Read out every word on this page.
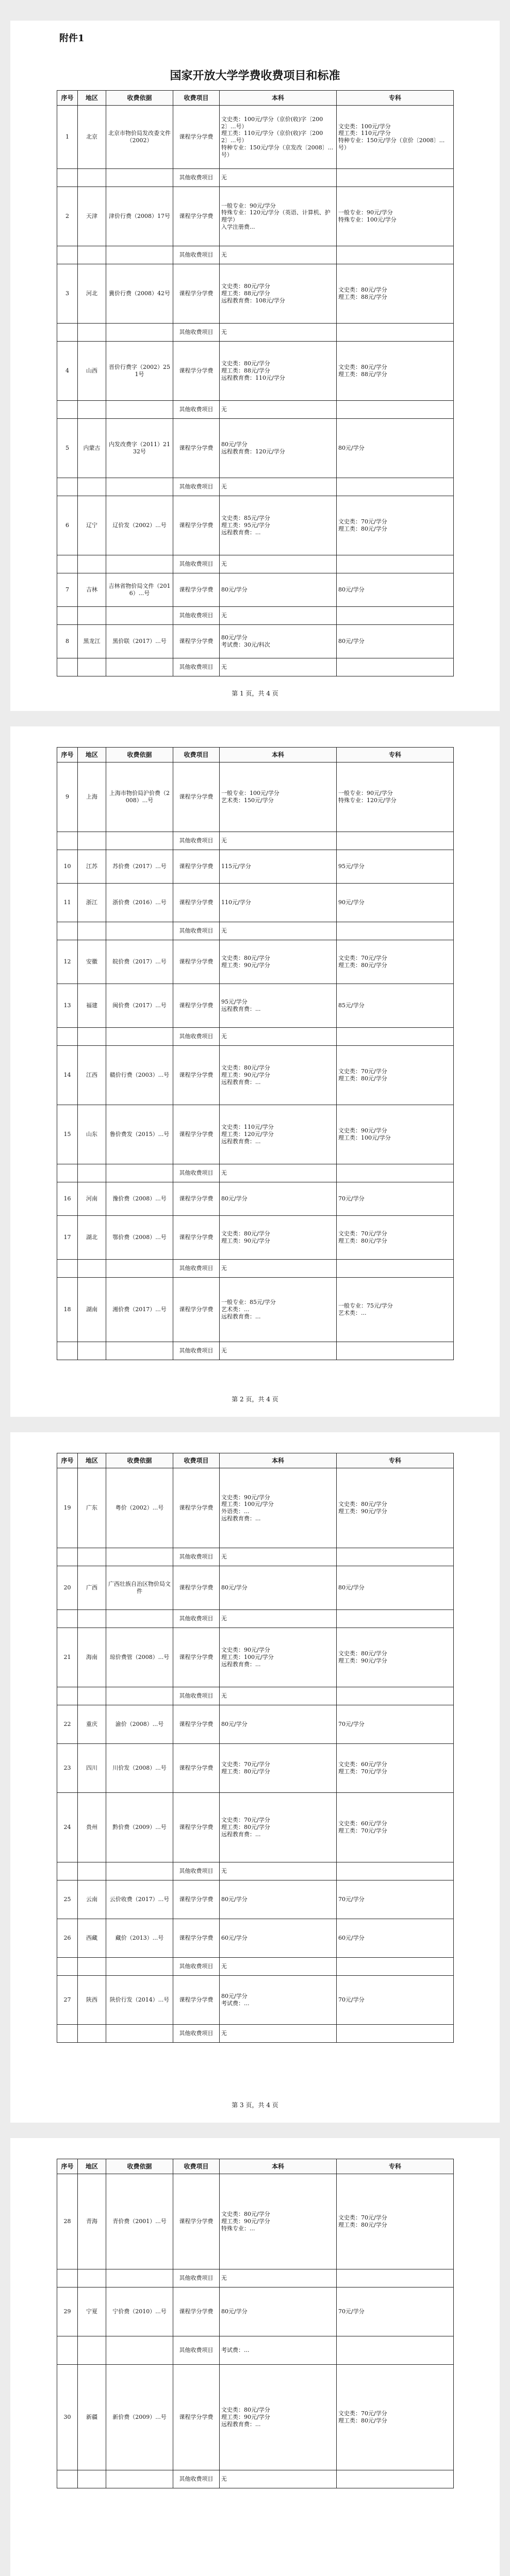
附件1
国家开放大学学费收费项目和标准
序号	地区	收费依据	收费项目	本科	专科
1	北京	北京市物价局发改委文件（2002）	课程学分学费	文史类：100元/学分（京价(收)字〔2002〕...号）
理工类：110元/学分（京价(收)字〔2002〕...号）
特种专业：150元/学分（京发改〔2008〕...号）	文史类：100元/学分
理工类：110元/学分
特种专业：150元/学分（京价〔2008〕...号）
			其他收费项目	无	
2	天津	津价行费（2008）17号	课程学分学费	一般专业：90元/学分
特殊专业：120元/学分（英语、计算机、护理学）
入学注册费...	一般专业：90元/学分
特殊专业：100元/学分
			其他收费项目	无	
3	河北	冀价行费（2008）42号	课程学分学费	文史类：80元/学分
理工类：88元/学分
远程教育费：108元/学分	文史类：80元/学分
理工类：88元/学分
			其他收费项目	无	
4	山西	晋价行费字（2002）251号	课程学分学费	文史类：80元/学分
理工类：88元/学分
远程教育费：110元/学分	文史类：80元/学分
理工类：88元/学分
			其他收费项目	无	
5	内蒙古	内发改费字（2011）2132号	课程学分学费	80元/学分
远程教育费：120元/学分	80元/学分
			其他收费项目	无	
6	辽宁	辽价发（2002）...号	课程学分学费	文史类：85元/学分
理工类：95元/学分
远程教育费：...	文史类：70元/学分
理工类：80元/学分
			其他收费项目	无	
7	吉林	吉林省物价局文件（2016）...号	课程学分学费	80元/学分	80元/学分
			其他收费项目	无	
8	黑龙江	黑价联（2017）...号	课程学分学费	80元/学分
考试费：30元/科次	80元/学分
			其他收费项目	无	
第 1 页，共 4 页
序号	地区	收费依据	收费项目	本科	专科
9	上海	上海市物价局沪价费（2008）...号	课程学分学费	一般专业：100元/学分
艺术类：150元/学分	一般专业：90元/学分
特殊专业：120元/学分
			其他收费项目	无	
10	江苏	苏价费（2017）...号	课程学分学费	115元/学分	95元/学分
11	浙江	浙价费（2016）...号	课程学分学费	110元/学分	90元/学分
			其他收费项目	无	
12	安徽	皖价费（2017）...号	课程学分学费	文史类：80元/学分
理工类：90元/学分	文史类：70元/学分
理工类：80元/学分
13	福建	闽价费（2017）...号	课程学分学费	95元/学分
远程教育费：...	85元/学分
			其他收费项目	无	
14	江西	赣价行费（2003）...号	课程学分学费	文史类：80元/学分
理工类：90元/学分
远程教育费：...	文史类：70元/学分
理工类：80元/学分
15	山东	鲁价费发（2015）...号	课程学分学费	文史类：110元/学分
理工类：120元/学分
远程教育费：...	文史类：90元/学分
理工类：100元/学分
			其他收费项目	无	
16	河南	豫价费（2008）...号	课程学分学费	80元/学分	70元/学分
17	湖北	鄂价费（2008）...号	课程学分学费	文史类：80元/学分
理工类：90元/学分	文史类：70元/学分
理工类：80元/学分
			其他收费项目	无	
18	湖南	湘价费（2017）...号	课程学分学费	一般专业：85元/学分
艺术类：...
远程教育费：...	一般专业：75元/学分
艺术类：...
			其他收费项目	无	
第 2 页，共 4 页
序号	地区	收费依据	收费项目	本科	专科
19	广东	粤价（2002）...号	课程学分学费	文史类：90元/学分
理工类：100元/学分
外语类：...
远程教育费：...	文史类：80元/学分
理工类：90元/学分
			其他收费项目	无	
20	广西	广西壮族自治区物价局文件	课程学分学费	80元/学分	80元/学分
			其他收费项目	无	
21	海南	琼价费管（2008）...号	课程学分学费	文史类：90元/学分
理工类：100元/学分
远程教育费：...	文史类：80元/学分
理工类：90元/学分
			其他收费项目	无	
22	重庆	渝价（2008）...号	课程学分学费	80元/学分	70元/学分
23	四川	川价发（2008）...号	课程学分学费	文史类：70元/学分
理工类：80元/学分	文史类：60元/学分
理工类：70元/学分
24	贵州	黔价费（2009）...号	课程学分学费	文史类：70元/学分
理工类：80元/学分
远程教育费：...	文史类：60元/学分
理工类：70元/学分
			其他收费项目	无	
25	云南	云价收费（2017）...号	课程学分学费	80元/学分	70元/学分
26	西藏	藏价（2013）...号	课程学分学费	60元/学分	60元/学分
			其他收费项目	无	
27	陕西	陕价行发（2014）...号	课程学分学费	80元/学分
考试费：...	70元/学分
			其他收费项目	无	
第 3 页，共 4 页
序号	地区	收费依据	收费项目	本科	专科
28	青海	青价费（2001）...号	课程学分学费	文史类：80元/学分
理工类：90元/学分
特殊专业：...	文史类：70元/学分
理工类：80元/学分
			其他收费项目	无	
29	宁夏	宁价费（2010）...号	课程学分学费	80元/学分	70元/学分
			其他收费项目	考试费：...	
30	新疆	新价费（2009）...号	课程学分学费	文史类：80元/学分
理工类：90元/学分
远程教育费：...	文史类：70元/学分
理工类：80元/学分
			其他收费项目	无	
